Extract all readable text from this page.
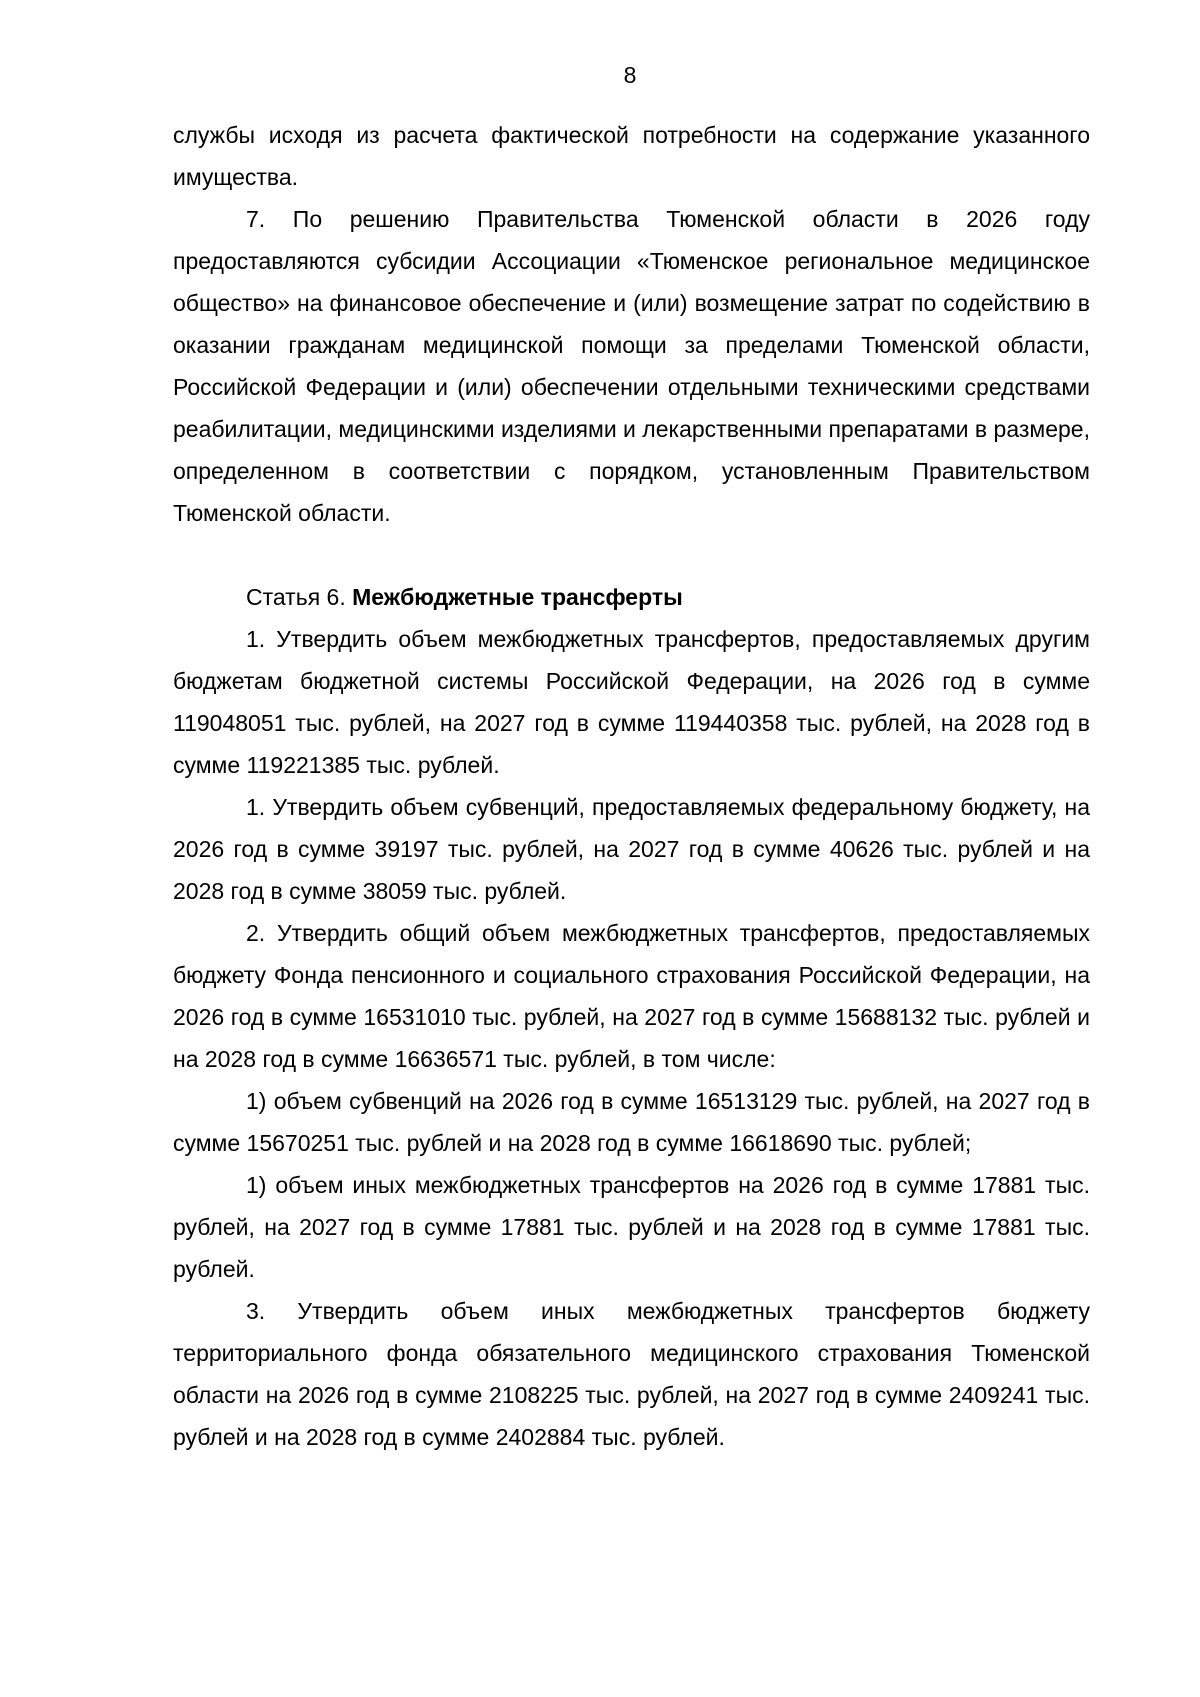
8

службы исходя из расчета фактической потребности на содержание указанного имущества.

7. По решению Правительства Тюменской области в 2026 году предоставляются субсидии Ассоциации «Тюменское региональное медицинское общество» на финансовое обеспечение и (или) возмещение затрат по содействию в оказании гражданам медицинской помощи за пределами Тюменской области, Российской Федерации и (или) обеспечении отдельными техническими средствами реабилитации, медицинскими изделиями и лекарственными препаратами в размере, определенном в соответствии с порядком, установленным Правительством Тюменской области.

Статья 6. Межбюджетные трансферты

1. Утвердить объем межбюджетных трансфертов, предоставляемых другим бюджетам бюджетной системы Российской Федерации, на 2026 год в сумме 119048051 тыс. рублей, на 2027 год в сумме 119440358 тыс. рублей, на 2028 год в сумме 119221385 тыс. рублей.

1. Утвердить объем субвенций, предоставляемых федеральному бюджету, на 2026 год в сумме 39197 тыс. рублей, на 2027 год в сумме 40626 тыс. рублей и на 2028 год в сумме 38059 тыс. рублей.

2. Утвердить общий объем межбюджетных трансфертов, предоставляемых бюджету Фонда пенсионного и социального страхования Российской Федерации, на 2026 год в сумме 16531010 тыс. рублей, на 2027 год в сумме 15688132 тыс. рублей и на 2028 год в сумме 16636571 тыс. рублей, в том числе:

1) объем субвенций на 2026 год в сумме 16513129 тыс. рублей, на 2027 год в сумме 15670251 тыс. рублей и на 2028 год в сумме 16618690 тыс. рублей;

1) объем иных межбюджетных трансфертов на 2026 год в сумме 17881 тыс. рублей, на 2027 год в сумме 17881 тыс. рублей и на 2028 год в сумме 17881 тыс. рублей.

3. Утвердить объем иных межбюджетных трансфертов бюджету территориального фонда обязательного медицинского страхования Тюменской области на 2026 год в сумме 2108225 тыс. рублей, на 2027 год в сумме 2409241 тыс. рублей и на 2028 год в сумме 2402884 тыс. рублей.
